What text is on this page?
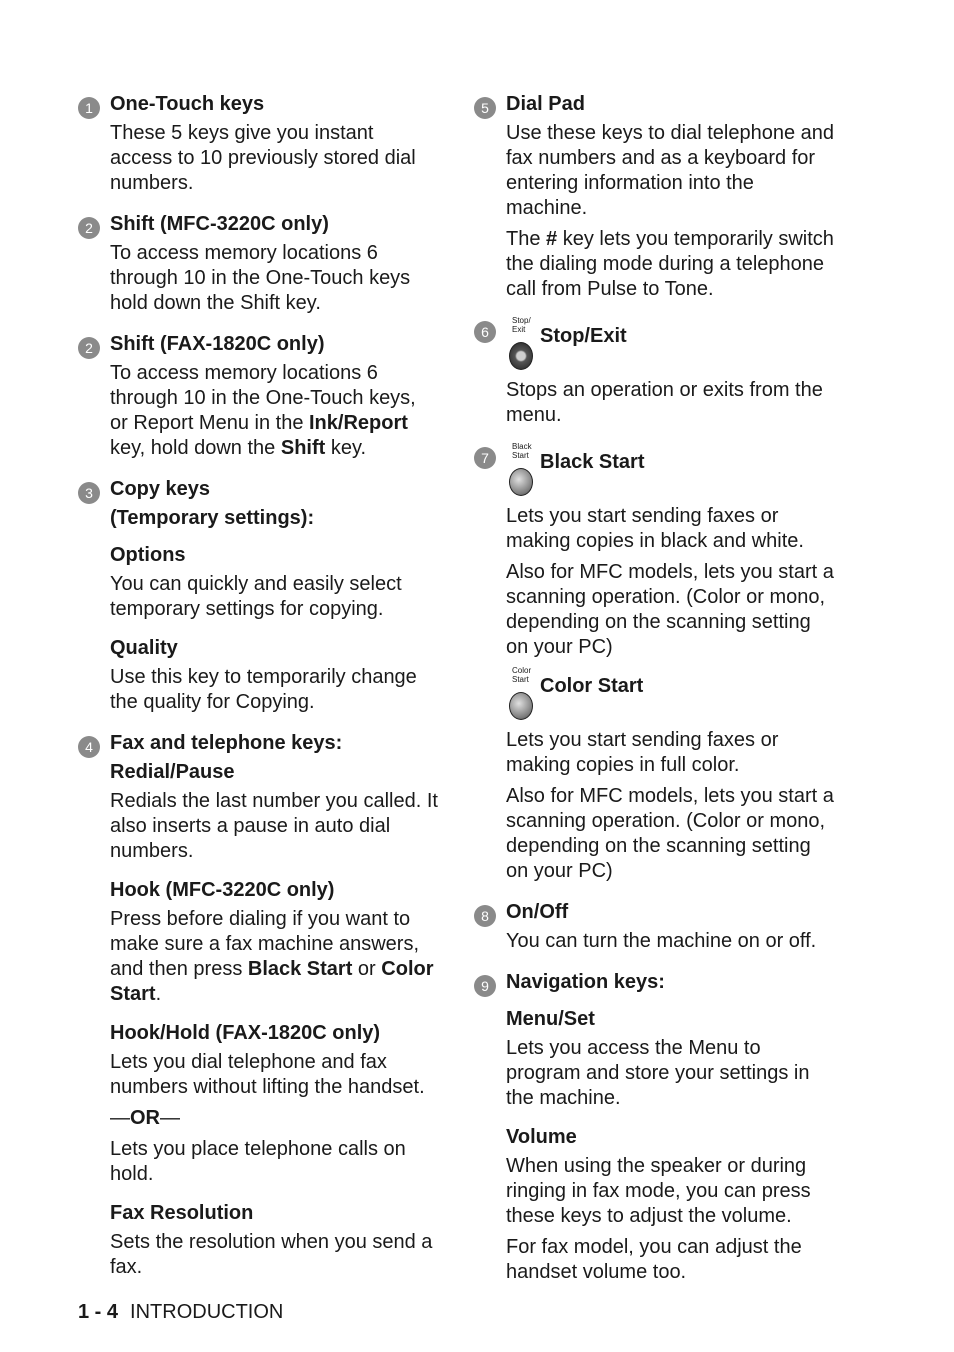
1 One-Touch keys

These 5 keys give you instant access to 10 previously stored dial numbers.

2 Shift (MFC-3220C only)

To access memory locations 6 through 10 in the One-Touch keys hold down the Shift key.

2 Shift (FAX-1820C only)

To access memory locations 6 through 10 in the One-Touch keys, or Report Menu in the Ink/Report key, hold down the Shift key.

3 Copy keys
(Temporary settings):
Options

You can quickly and easily select temporary settings for copying.

Quality

Use this key to temporarily change the quality for Copying.

4 Fax and telephone keys:
Redial/Pause

Redials the last number you called. It also inserts a pause in auto dial numbers.

Hook (MFC-3220C only)

Press before dialing if you want to make sure a fax machine answers, and then press Black Start or Color Start.

Hook/Hold (FAX-1820C only)

Lets you dial telephone and fax numbers without lifting the handset.

—OR—

Lets you place telephone calls on hold.

Fax Resolution

Sets the resolution when you send a fax.

5 Dial Pad

Use these keys to dial telephone and fax numbers and as a keyboard for entering information into the machine.

The # key lets you temporarily switch the dialing mode during a telephone call from Pulse to Tone.

6
Stop/
Exit Stop/Exit

Stops an operation or exits from the menu.

7
Black
Start Black Start

Lets you start sending faxes or making copies in black and white.

Also for MFC models, lets you start a scanning operation. (Color or mono, depending on the scanning setting on your PC)

Color
Start Color Start

Lets you start sending faxes or making copies in full color.

Also for MFC models, lets you start a scanning operation. (Color or mono, depending on the scanning setting on your PC)

8 On/Off

You can turn the machine on or off.

9 Navigation keys:
Menu/Set

Lets you access the Menu to program and store your settings in the machine.

Volume

When using the speaker or during ringing in fax mode, you can press these keys to adjust the volume.

For fax model, you can adjust the handset volume too.

1 - 4 INTRODUCTION
